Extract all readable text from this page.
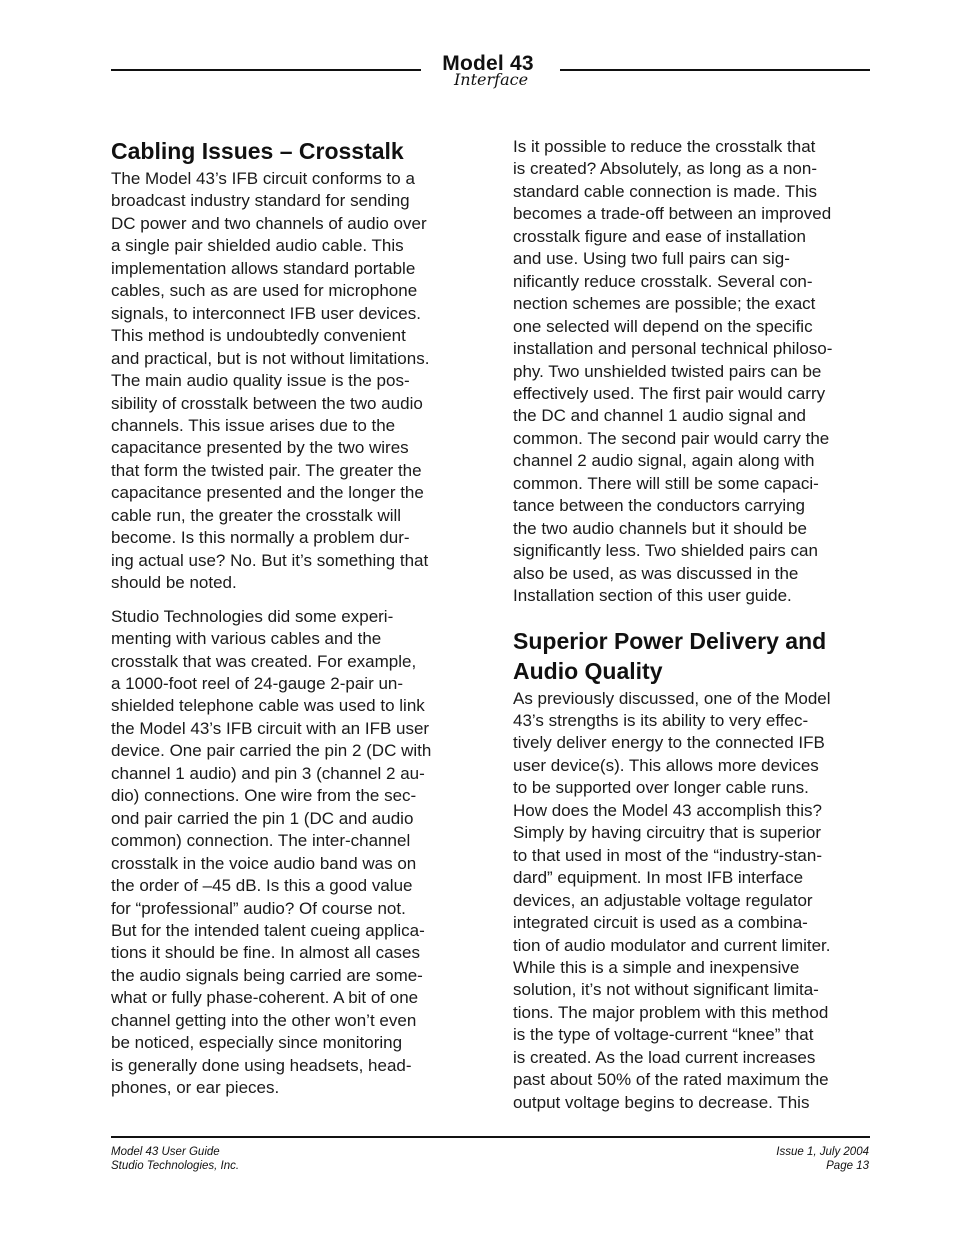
Model 43
Interface
Cabling Issues – Crosstalk
The Model 43’s IFB circuit conforms to a
broadcast industry standard for sending
DC power and two channels of audio over
a single pair shielded audio cable. This
implementation allows standard portable
cables, such as are used for microphone
signals, to interconnect IFB user devices.
This method is undoubtedly convenient
and practical, but is not without limitations.
The main audio quality issue is the pos-
sibility of crosstalk between the two audio
channels. This issue arises due to the
capacitance presented by the two wires
that form the twisted pair. The greater the
capacitance presented and the longer the
cable run, the greater the crosstalk will
become. Is this normally a problem dur-
ing actual use? No. But it’s something that
should be noted.
Studio Technologies did some experi-
menting with various cables and the
crosstalk that was created. For example,
a 1000-foot reel of 24-gauge 2-pair un-
shielded telephone cable was used to link
the Model 43’s IFB circuit with an IFB user
device. One pair carried the pin 2 (DC with
channel 1 audio) and pin 3 (channel 2 au-
dio) connections. One wire from the sec-
ond pair carried the pin 1 (DC and audio
common) connection. The inter-channel
crosstalk in the voice audio band was on
the order of –45 dB. Is this a good value
for “professional” audio? Of course not.
But for the intended talent cueing applica-
tions it should be fine. In almost all cases
the audio signals being carried are some-
what or fully phase-coherent. A bit of one
channel getting into the other won’t even
be noticed, especially since monitoring
is generally done using headsets, head-
phones, or ear pieces.
Is it possible to reduce the crosstalk that
is created? Absolutely, as long as a non-
standard cable connection is made. This
becomes a trade-off between an improved
crosstalk figure and ease of installation
and use. Using two full pairs can sig-
nificantly reduce crosstalk. Several con-
nection schemes are possible; the exact
one selected will depend on the specific
installation and personal technical philoso-
phy. Two unshielded twisted pairs can be
effectively used. The first pair would carry
the DC and channel 1 audio signal and
common. The second pair would carry the
channel 2 audio signal, again along with
common. There will still be some capaci-
tance between the conductors carrying
the two audio channels but it should be
significantly less. Two shielded pairs can
also be used, as was discussed in the
Installation section of this user guide.
Superior Power Delivery and
Audio Quality
As previously discussed, one of the Model
43’s strengths is its ability to very effec-
tively deliver energy to the connected IFB
user device(s). This allows more devices
to be supported over longer cable runs.
How does the Model 43 accomplish this?
Simply by having circuitry that is superior
to that used in most of the “industry-stan-
dard” equipment. In most IFB interface
devices, an adjustable voltage regulator
integrated circuit is used as a combina-
tion of audio modulator and current limiter.
While this is a simple and inexpensive
solution, it’s not without significant limita-
tions. The major problem with this method
is the type of voltage-current “knee” that
is created. As the load current increases
past about 50% of the rated maximum the
output voltage begins to decrease. This
Model 43 User Guide
Studio Technologies, Inc.
Issue 1, July 2004
Page 13
